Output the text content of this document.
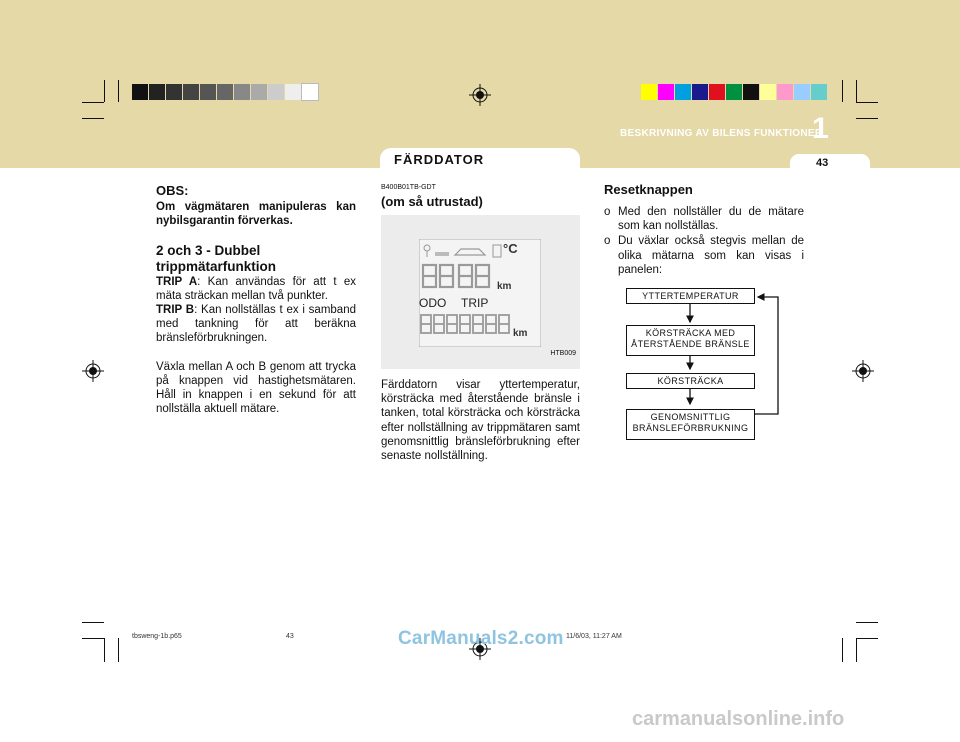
BESKRIVNING AV BILENS FUNKTIONER
1
FÄRDDATOR	43
OBS:
Om vägmätaren manipuleras kan nybilsgarantin förverkas.
2 och 3 - Dubbel trippmätarfunktion

TRIP A: Kan användas för att t ex mäta sträckan mellan två punkter.

TRIP B: Kan nollställas t ex i samband med tankning för att beräkna bränsleförbrukningen.

Växla mellan A och B genom att trycka på knappen vid hastighetsmätaren. Håll in knappen i en sekund för att nollställa aktuell mätare.

B400B01TB-GDT
(om så utrustad)
°C
km
ODO TRIP
km
HTB009

Färddatorn visar yttertemperatur, körsträcka med återstående bränsle i tanken, total körsträcka och körsträcka efter nollställning av trippmätaren samt genomsnittlig bränsleförbrukning efter senaste nollställning.

Resetknappen
o Med den nollställer du de mätare som kan nollställas.
o Du växlar också stegvis mellan de olika mätarna som kan visas i panelen:
YTTERTEMPERATUR
KÖRSTRÄCKA MED ÅTERSTÅENDE BRÄNSLE
KÖRSTRÄCKA
GENOMSNITTLIG BRÄNSLEFÖRBRUKNING
tbsweng-1b.p65	43	11/6/03, 11:27 AM
CarManuals2.com
carmanualsonline.info
